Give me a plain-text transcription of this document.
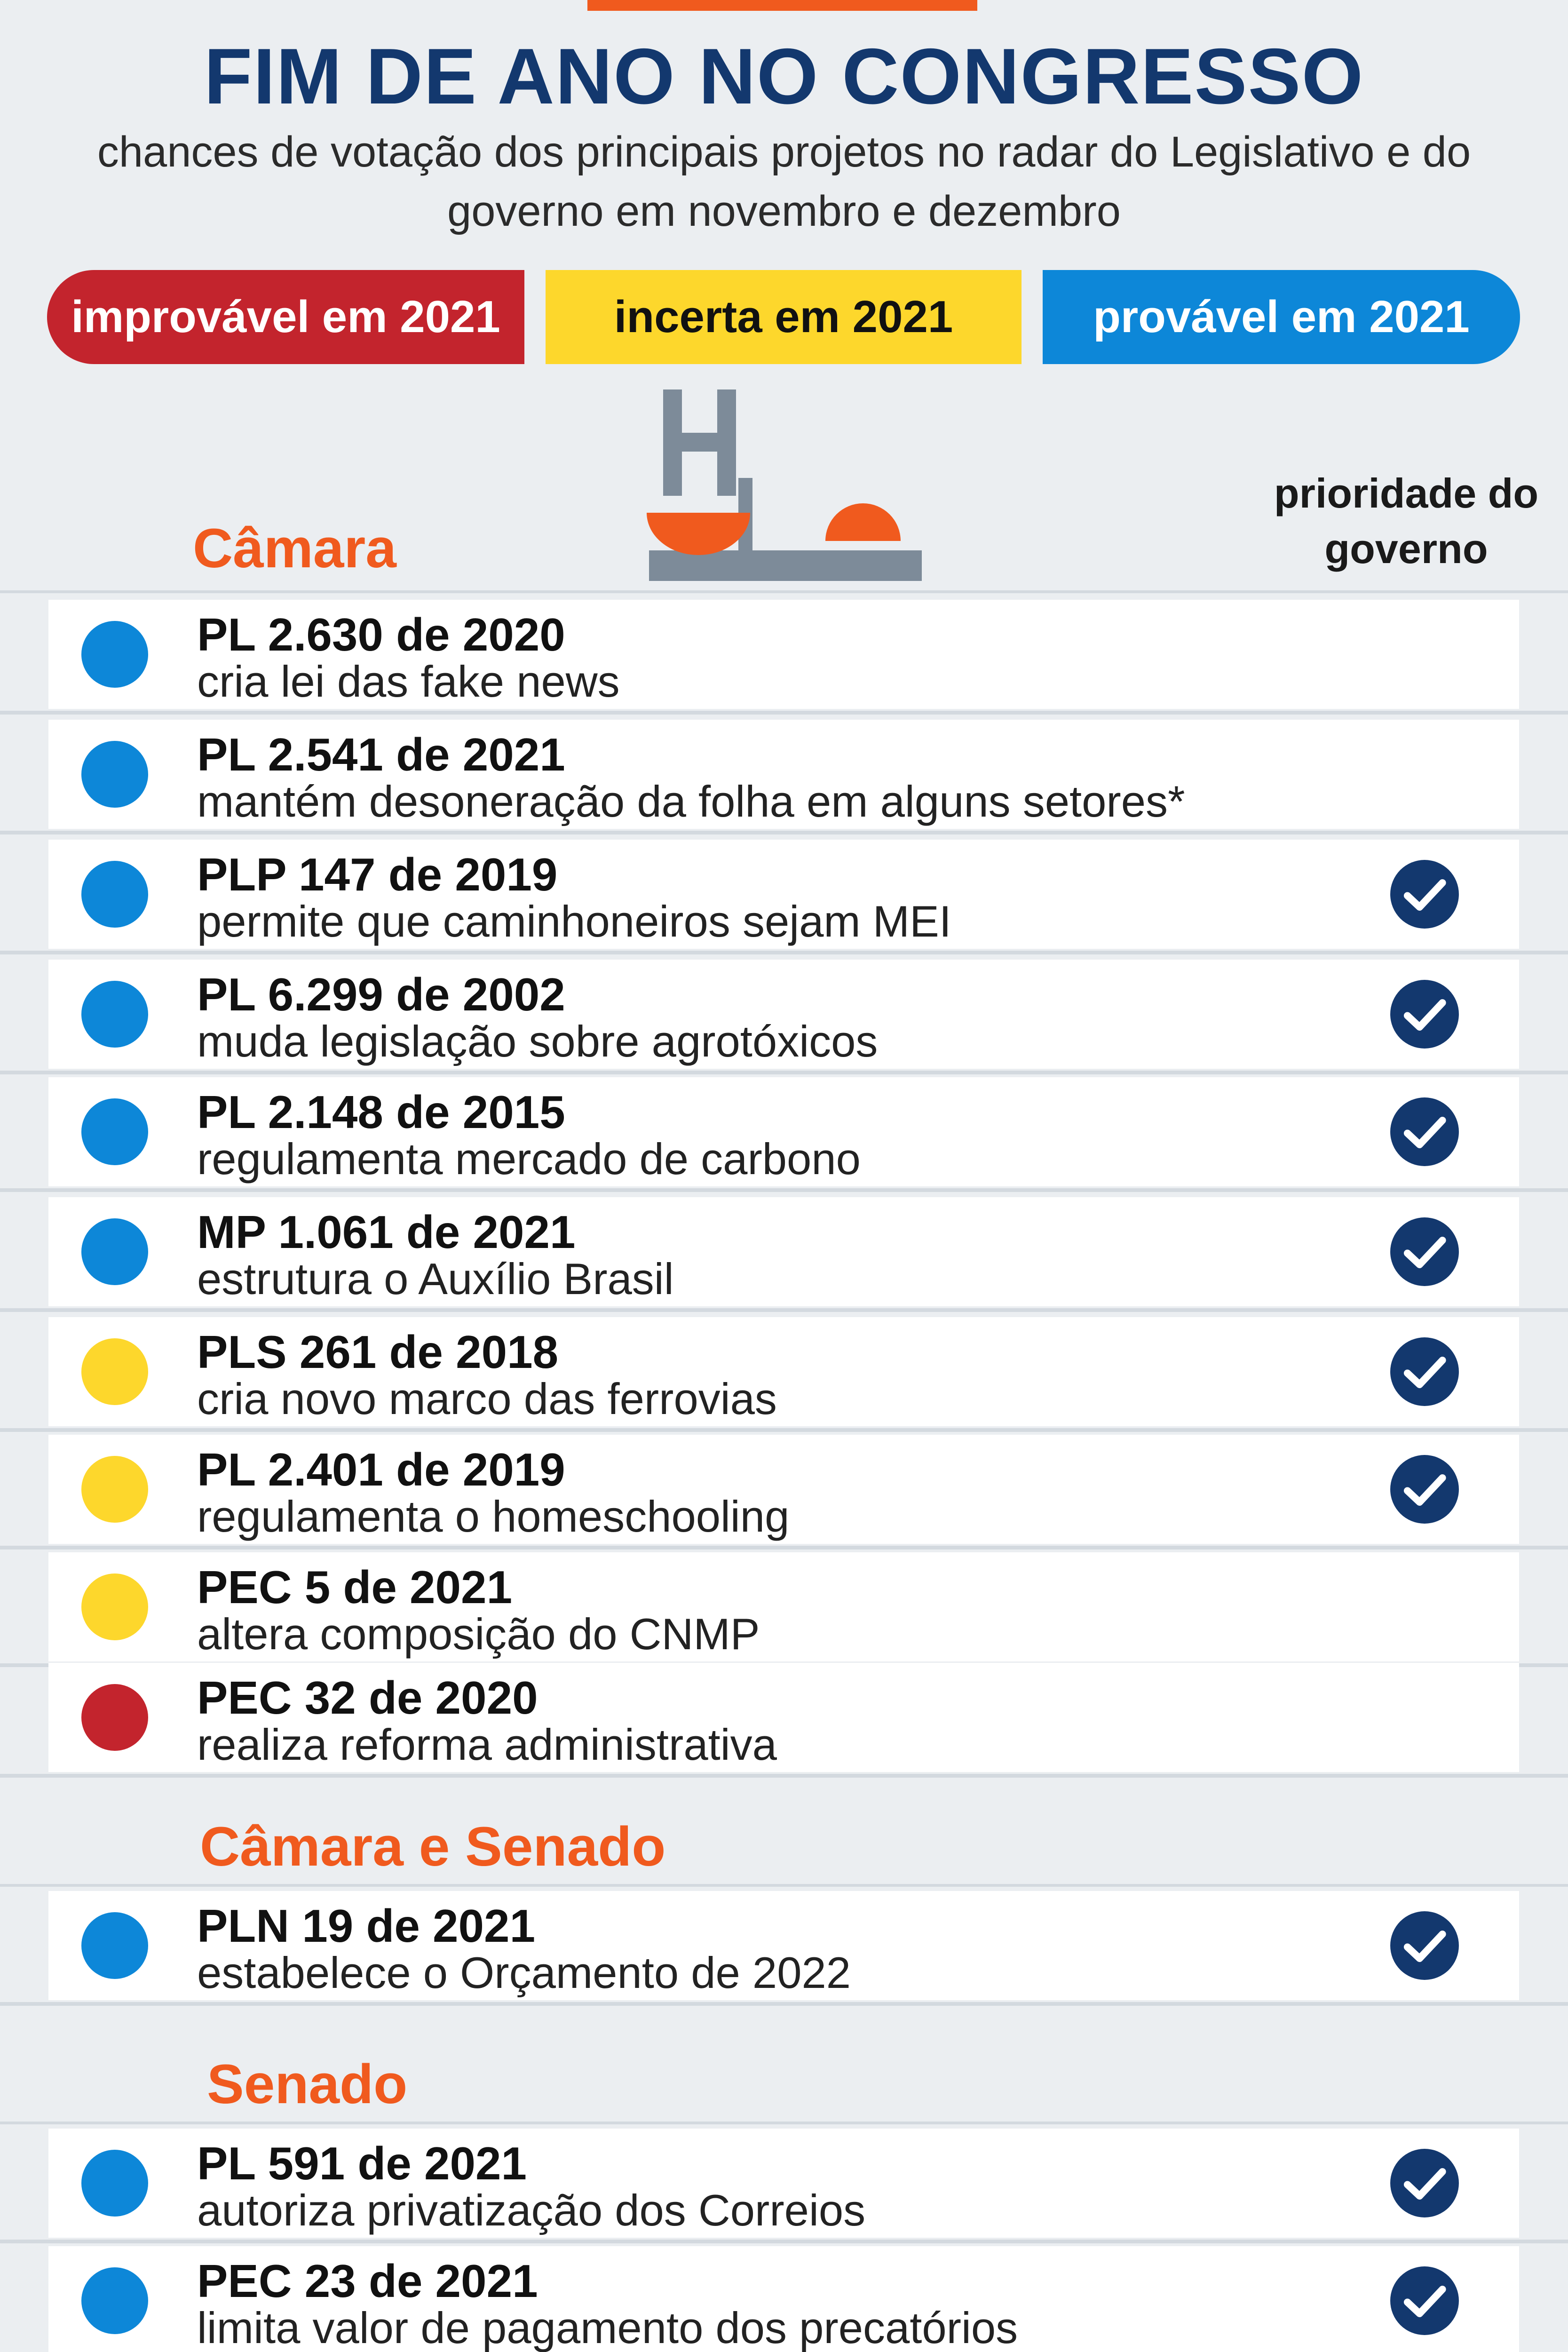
FIM DE ANO NO CONGRESSO
chances de votação dos principais projetos no radar do Legislativo e do governo em novembro e dezembro
improvável em 2021	incerta em 2021	provável em 2021
prioridade do governo
Câmara
PL 2.630 de 2020
cria lei das fake news
PL 2.541 de 2021
mantém desoneração da folha em alguns setores*
PLP 147 de 2019
permite que caminhoneiros sejam MEI
PL 6.299 de 2002
muda legislação sobre agrotóxicos
PL 2.148 de 2015
regulamenta mercado de carbono
MP 1.061 de 2021
estrutura o Auxílio Brasil
PLS 261 de 2018
cria novo marco das ferrovias
PL 2.401 de 2019
regulamenta o homeschooling
PEC 5 de 2021
altera composição do CNMP
PEC 32 de 2020
realiza reforma administrativa
Câmara e Senado
PLN 19 de 2021
estabelece o Orçamento de 2022
Senado
PL 591 de 2021
autoriza privatização dos Correios
PEC 23 de 2021
limita valor de pagamento dos precatórios
